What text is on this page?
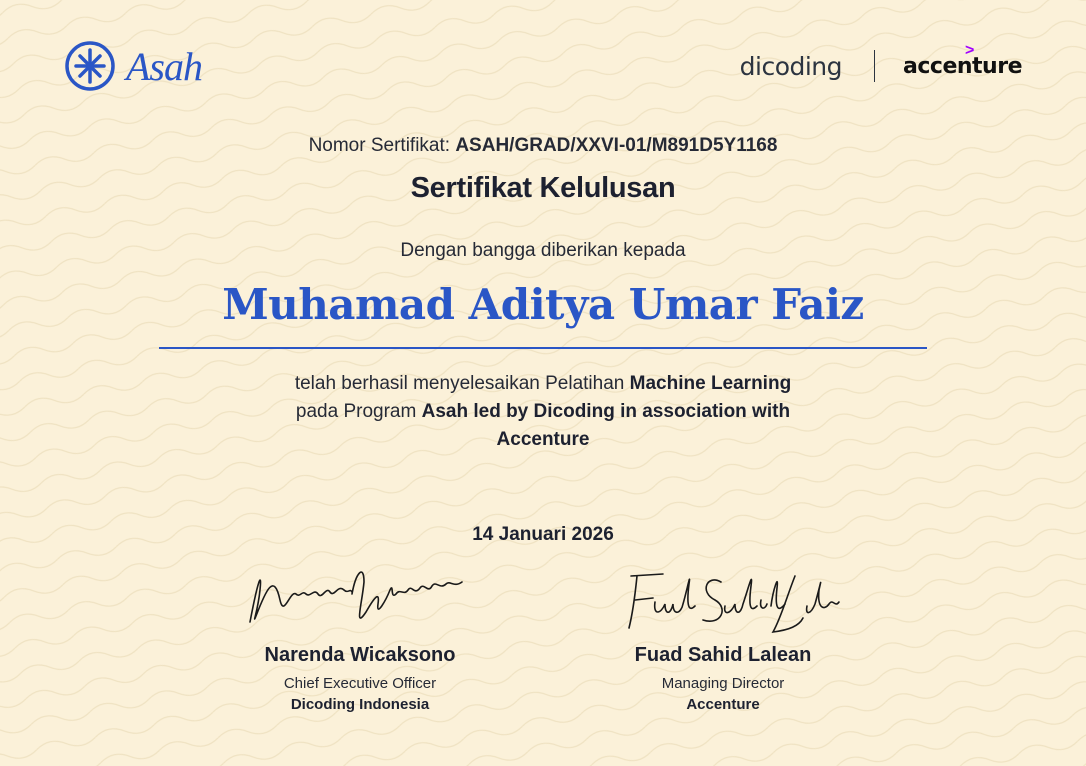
Asah	dicoding
>
accenture
Nomor Sertifikat: ASAH/GRAD/XXVI-01/M891D5Y1168
Sertifikat Kelulusan
Dengan bangga diberikan kepada
Muhamad Aditya Umar Faiz
telah berhasil menyelesaikan Pelatihan Machine Learning
pada Program Asah led by Dicoding in association with
Accenture
14 Januari 2026
Narenda Wicaksono
Chief Executive Officer
Dicoding Indonesia
Fuad Sahid Lalean
Managing Director
Accenture
